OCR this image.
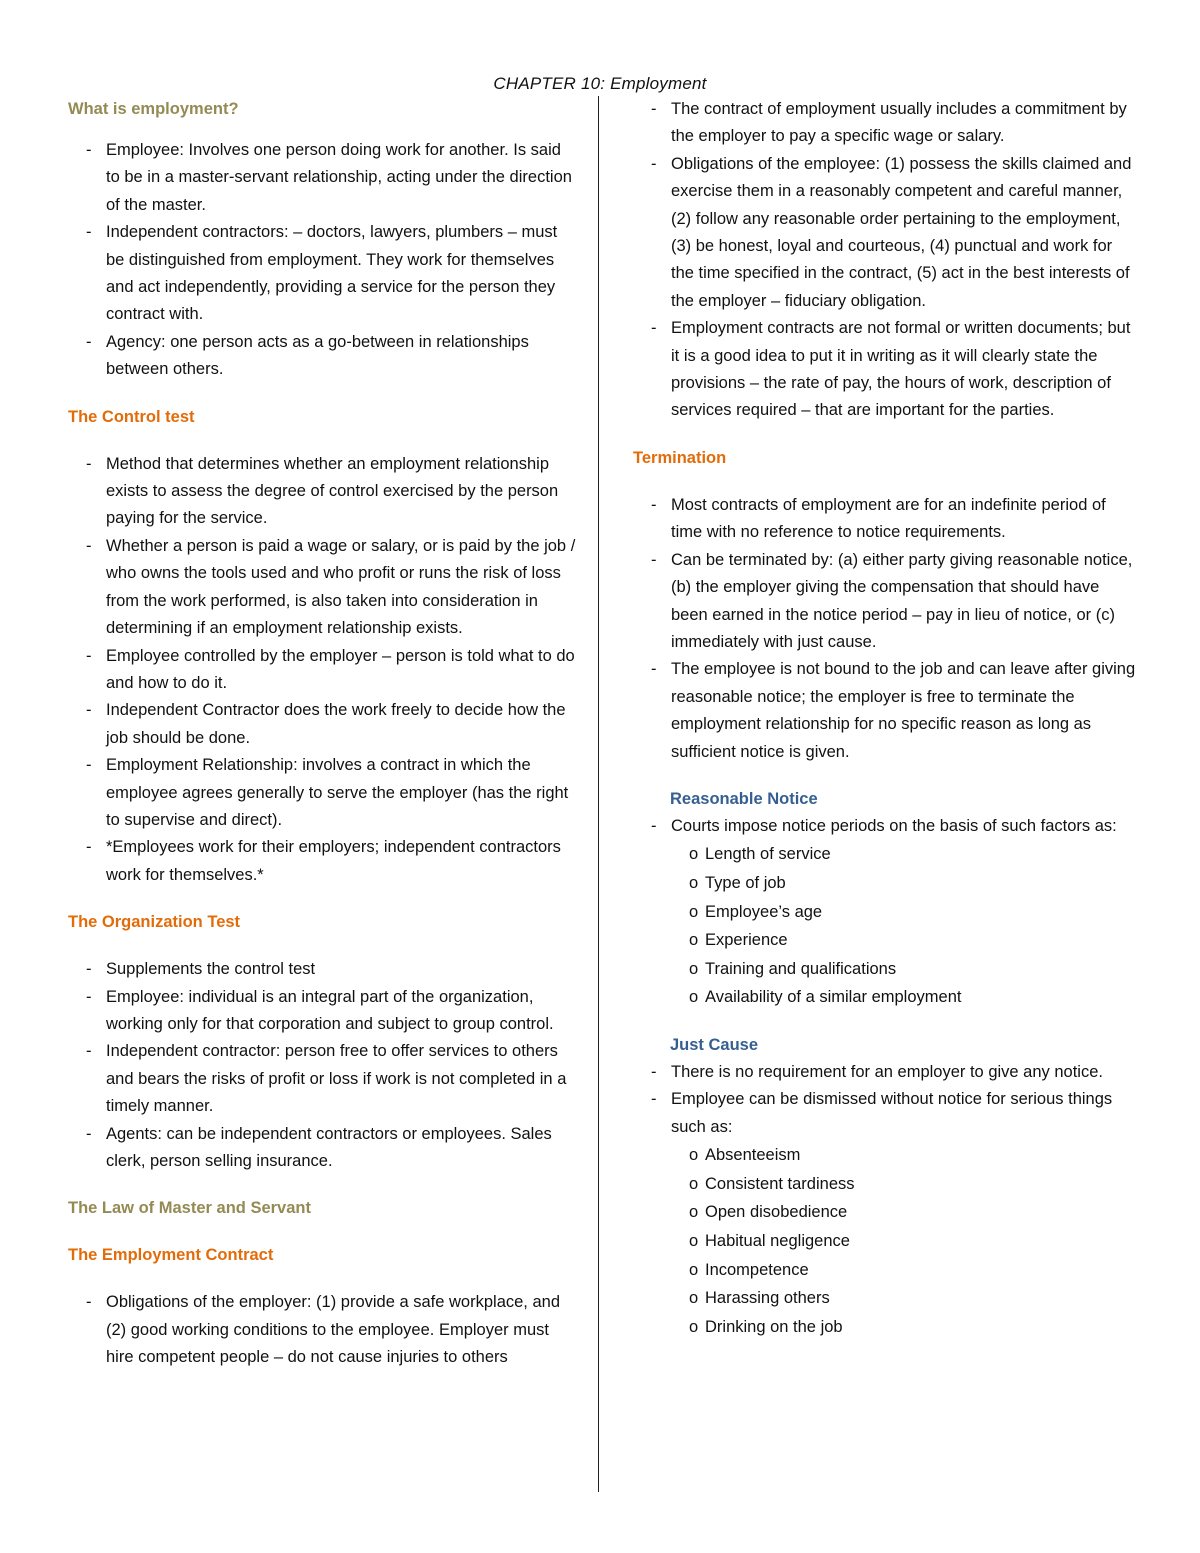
CHAPTER 10: Employment
What is employment?
- Employee: Involves one person doing work for another. Is said to be in a master-servant relationship, acting under the direction of the master.
- Independent contractors: – doctors, lawyers, plumbers – must be distinguished from employment. They work for themselves and act independently, providing a service for the person they contract with.
- Agency: one person acts as a go-between in relationships between others.
The Control test
- Method that determines whether an employment relationship exists to assess the degree of control exercised by the person paying for the service.
- Whether a person is paid a wage or salary, or is paid by the job / who owns the tools used and who profit or runs the risk of loss from the work performed, is also taken into consideration in determining if an employment relationship exists.
- Employee controlled by the employer – person is told what to do and how to do it.
- Independent Contractor does the work freely to decide how the job should be done.
- Employment Relationship: involves a contract in which the employee agrees generally to serve the employer (has the right to supervise and direct).
- *Employees work for their employers; independent contractors work for themselves.*
The Organization Test
- Supplements the control test
- Employee: individual is an integral part of the organization, working only for that corporation and subject to group control.
- Independent contractor: person free to offer services to others and bears the risks of profit or loss if work is not completed in a timely manner.
- Agents: can be independent contractors or employees. Sales clerk, person selling insurance.
The Law of Master and Servant
The Employment Contract
- Obligations of the employer: (1) provide a safe workplace, and (2) good working conditions to the employee. Employer must hire competent people – do not cause injuries to others
- The contract of employment usually includes a commitment by the employer to pay a specific wage or salary.
- Obligations of the employee: (1) possess the skills claimed and exercise them in a reasonably competent and careful manner, (2) follow any reasonable order pertaining to the employment, (3) be honest, loyal and courteous, (4) punctual and work for the time specified in the contract, (5) act in the best interests of the employer – fiduciary obligation.
- Employment contracts are not formal or written documents; but it is a good idea to put it in writing as it will clearly state the provisions – the rate of pay, the hours of work, description of services required – that are important for the parties.
Termination
- Most contracts of employment are for an indefinite period of time with no reference to notice requirements.
- Can be terminated by: (a) either party giving reasonable notice, (b) the employer giving the compensation that should have been earned in the notice period – pay in lieu of notice, or (c) immediately with just cause.
- The employee is not bound to the job and can leave after giving reasonable notice; the employer is free to terminate the employment relationship for no specific reason as long as sufficient notice is given.
Reasonable Notice
- Courts impose notice periods on the basis of such factors as:
o Length of service
o Type of job
o Employee’s age
o Experience
o Training and qualifications
o Availability of a similar employment
Just Cause
- There is no requirement for an employer to give any notice.
- Employee can be dismissed without notice for serious things such as:
o Absenteeism
o Consistent tardiness
o Open disobedience
o Habitual negligence
o Incompetence
o Harassing others
o Drinking on the job
